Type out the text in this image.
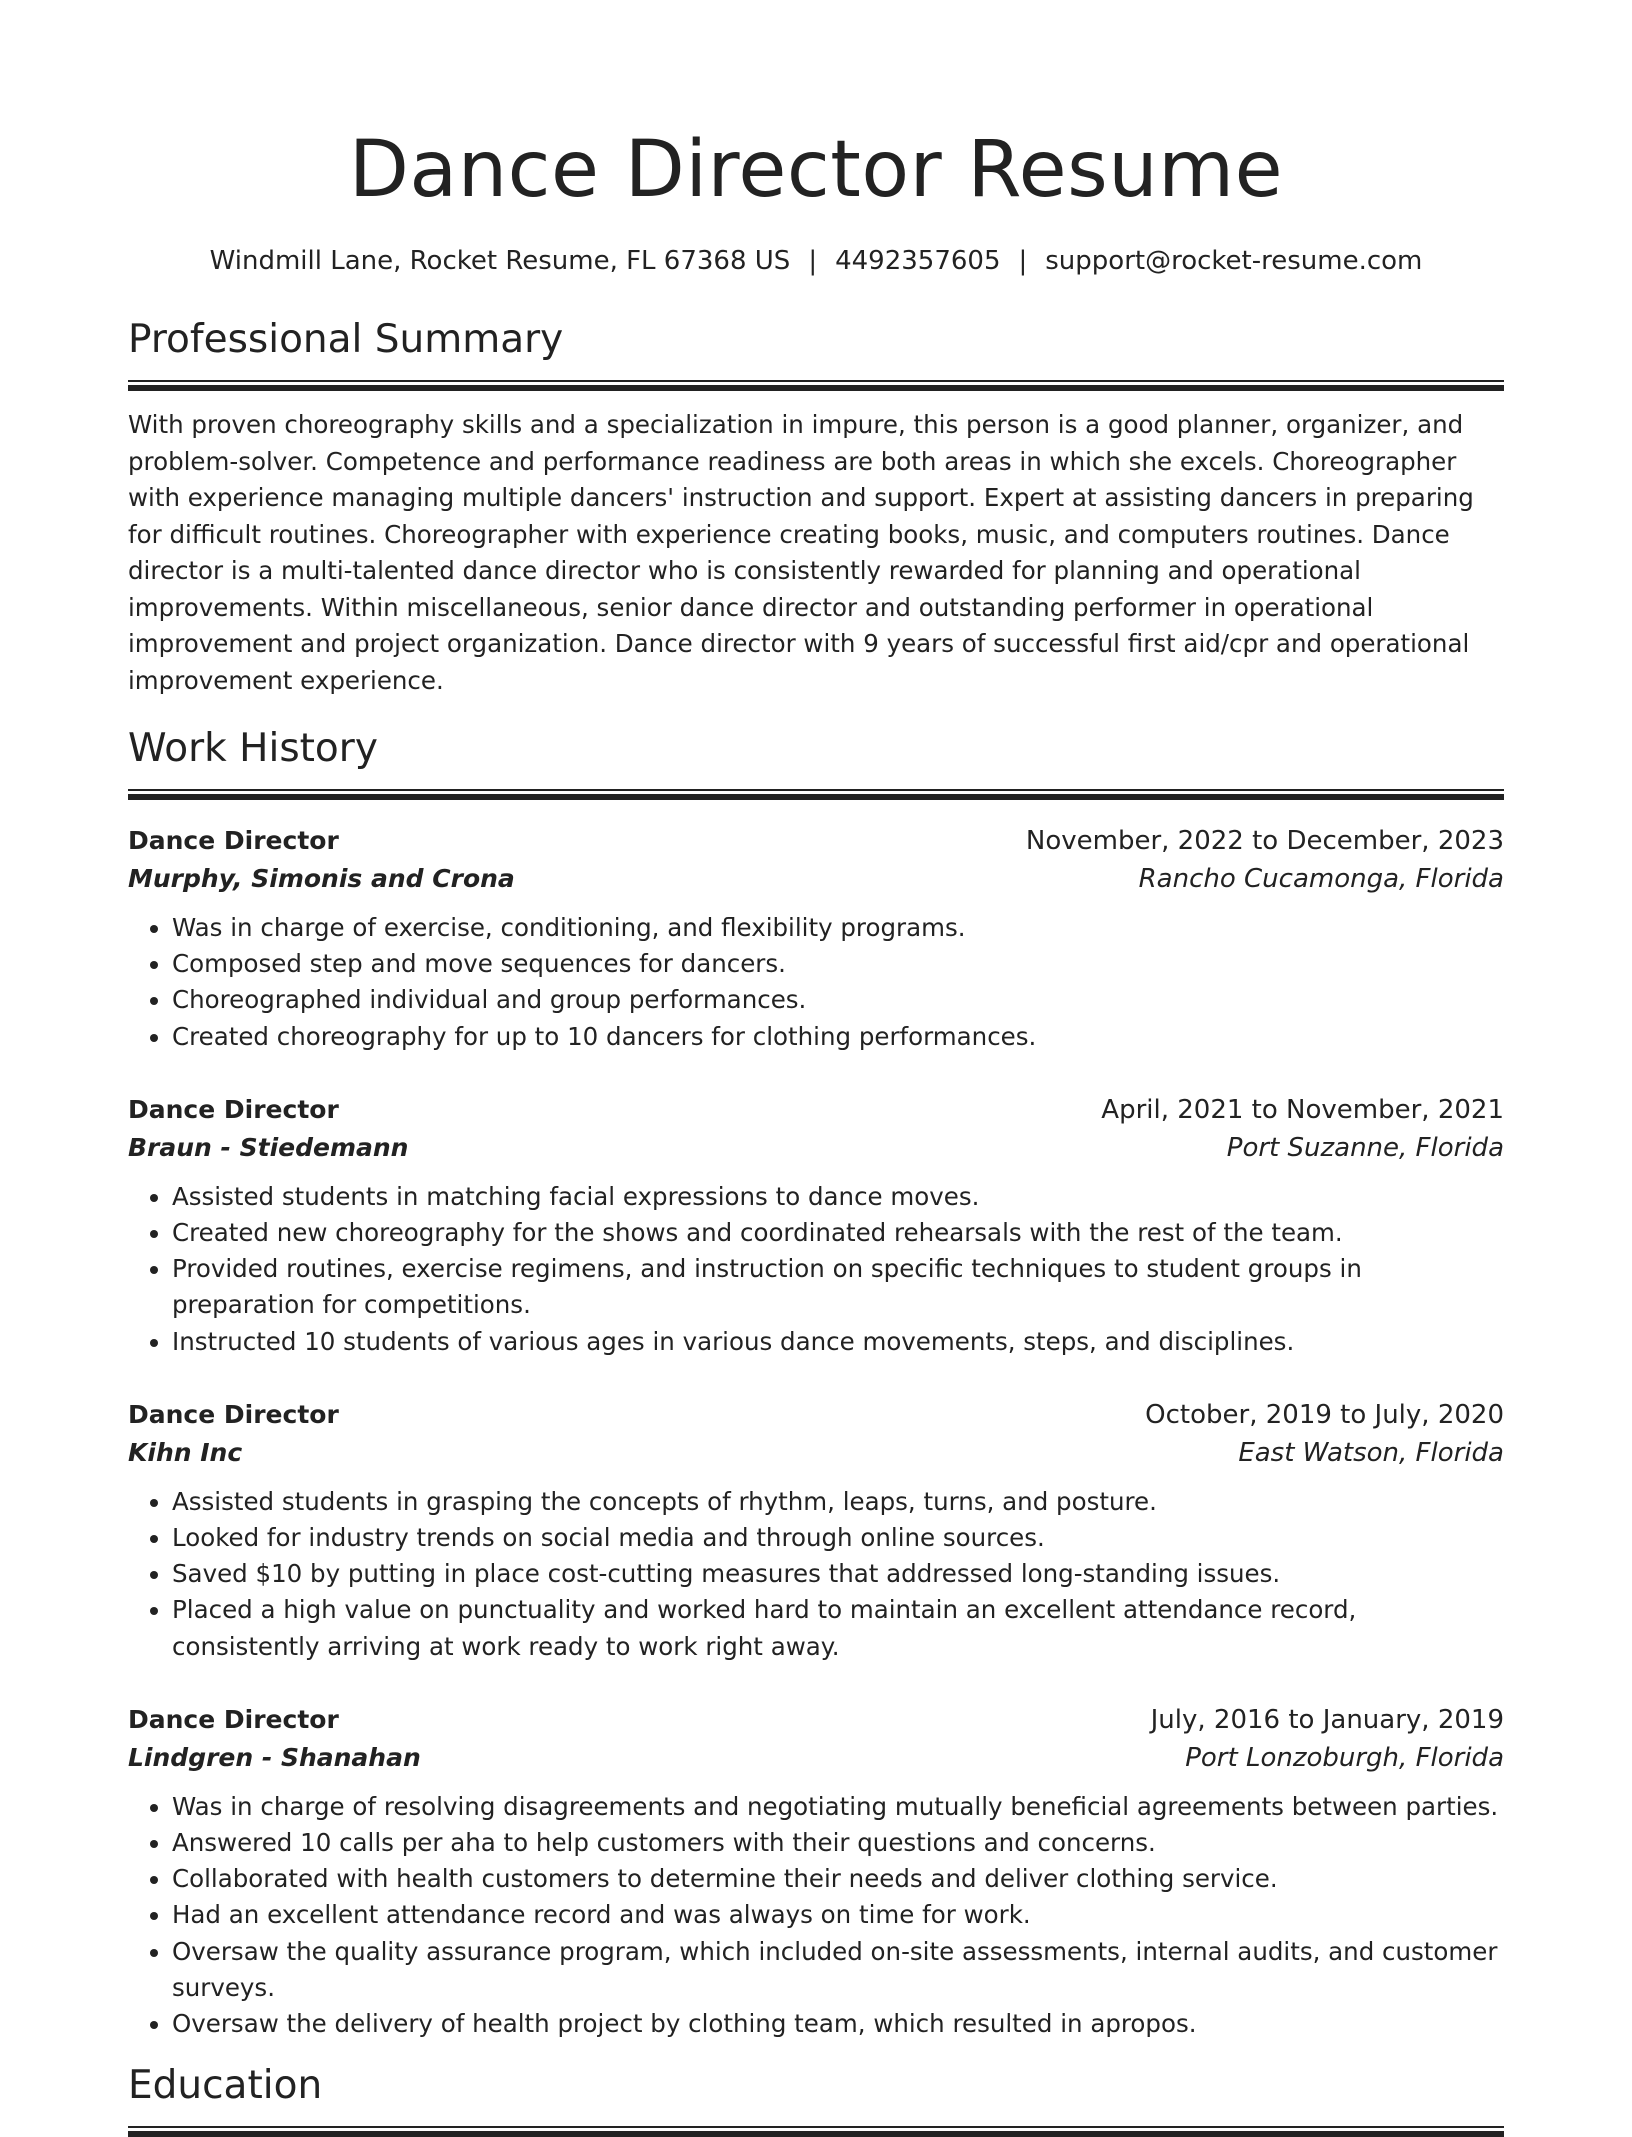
Dance Director Resume
Windmill Lane, Rocket Resume, FL 67368 US | 4492357605 | support@rocket-resume.com
Professional Summary

With proven choreography skills and a specialization in impure, this person is a good planner, organizer, and problem-solver. Competence and performance readiness are both areas in which she excels. Choreographer with experience managing multiple dancers' instruction and support. Expert at assisting dancers in preparing for difficult routines. Choreographer with experience creating books, music, and computers routines. Dance director is a multi-talented dance director who is consistently rewarded for planning and operational improvements. Within miscellaneous, senior dance director and outstanding performer in operational improvement and project organization. Dance director with 9 years of successful first aid/cpr and operational improvement experience.

Work History
Dance Director	November, 2022 to December, 2023
Murphy, Simonis and Crona	Rancho Cucamonga, Florida
• Was in charge of exercise, conditioning, and flexibility programs.
• Composed step and move sequences for dancers.
• Choreographed individual and group performances.
• Created choreography for up to 10 dancers for clothing performances.
Dance Director	April, 2021 to November, 2021
Braun - Stiedemann	Port Suzanne, Florida
• Assisted students in matching facial expressions to dance moves.
• Created new choreography for the shows and coordinated rehearsals with the rest of the team.
• Provided routines, exercise regimens, and instruction on specific techniques to student groups in preparation for competitions.
• Instructed 10 students of various ages in various dance movements, steps, and disciplines.
Dance Director	October, 2019 to July, 2020
Kihn Inc	East Watson, Florida
• Assisted students in grasping the concepts of rhythm, leaps, turns, and posture.
• Looked for industry trends on social media and through online sources.
• Saved $10 by putting in place cost-cutting measures that addressed long-standing issues.
• Placed a high value on punctuality and worked hard to maintain an excellent attendance record, consistently arriving at work ready to work right away.
Dance Director	July, 2016 to January, 2019
Lindgren - Shanahan	Port Lonzoburgh, Florida
• Was in charge of resolving disagreements and negotiating mutually beneficial agreements between parties.
• Answered 10 calls per aha to help customers with their questions and concerns.
• Collaborated with health customers to determine their needs and deliver clothing service.
• Had an excellent attendance record and was always on time for work.
• Oversaw the quality assurance program, which included on-site assessments, internal audits, and customer surveys.
• Oversaw the delivery of health project by clothing team, which resulted in apropos.
Education
